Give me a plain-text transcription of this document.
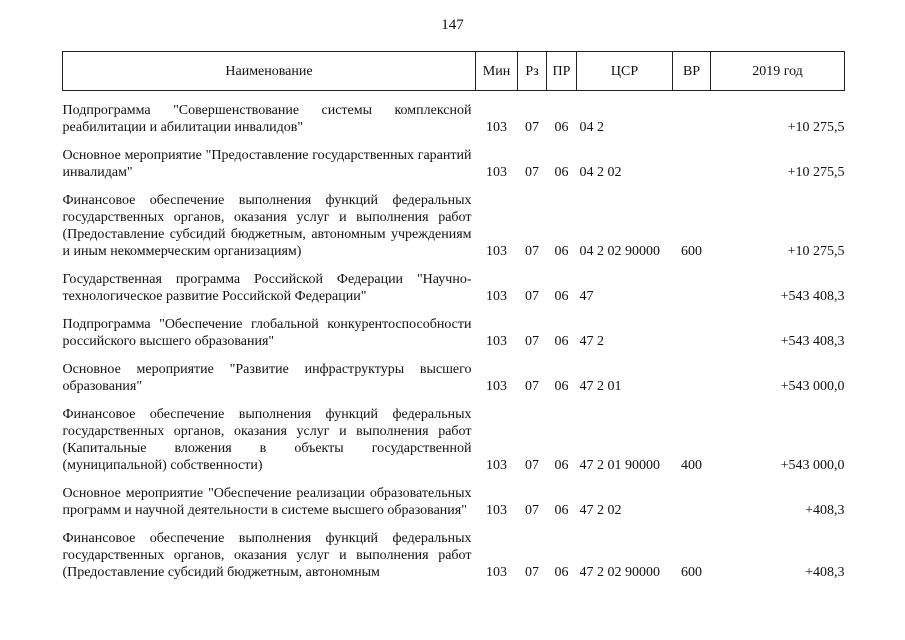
147
Наименование	Мин	Рз	ПР	ЦСР	ВР	2019 год

Подпрограмма "Совершенствование системы комплексной реабилитации и абилитации инвалидов"	103	07	06	04 2		+10 275,5

Основное мероприятие "Предоставление государственных гарантий инвалидам"	103	07	06	04 2 02		+10 275,5

Финансовое обеспечение выполнения функций федеральных государственных органов, оказания услуг и выполнения работ (Предоставление субсидий бюджетным, автономным учреждениям и иным некоммерческим организациям)	103	07	06	04 2 02 90000	600	+10 275,5

Государственная программа Российской Федерации "Научно-технологическое развитие Российской Федерации"	103	07	06	47		+543 408,3

Подпрограмма "Обеспечение глобальной конкурентоспособности российского высшего образования"	103	07	06	47 2		+543 408,3

Основное мероприятие "Развитие инфраструктуры высшего образования"	103	07	06	47 2 01		+543 000,0

Финансовое обеспечение выполнения функций федеральных государственных органов, оказания услуг и выполнения работ (Капитальные вложения в объекты государственной (муниципальной) собственности)	103	07	06	47 2 01 90000	400	+543 000,0

Основное мероприятие "Обеспечение реализации образовательных программ и научной деятельности в системе высшего образования"	103	07	06	47 2 02		+408,3

Финансовое обеспечение выполнения функций федеральных государственных органов, оказания услуг и выполнения работ (Предоставление субсидий бюджетным, автономным	103	07	06	47 2 02 90000	600	+408,3
